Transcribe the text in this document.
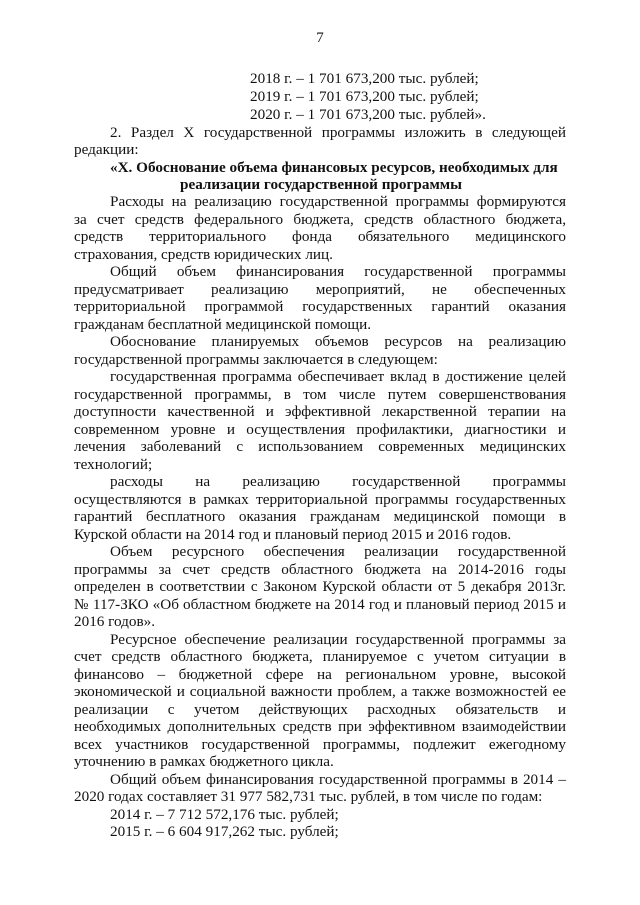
7
2018 г. – 1 701 673,200 тыс. рублей;
2019 г. – 1 701 673,200 тыс. рублей;
2020 г. – 1 701 673,200 тыс. рублей».
2. Раздел X государственной программы изложить в следующей
редакции:
«X. Обоснование объема финансовых ресурсов, необходимых для
реализации государственной программы
Расходы на реализацию государственной программы формируются
за счет средств федерального бюджета, средств областного бюджета,
средств территориального фонда обязательного медицинского
страхования, средств юридических лиц.
Общий объем финансирования государственной программы
предусматривает реализацию мероприятий, не обеспеченных
территориальной программой государственных гарантий оказания
гражданам бесплатной медицинской помощи.
Обоснование планируемых объемов ресурсов на реализацию
государственной программы заключается в следующем:
государственная программа обеспечивает вклад в достижение целей
государственной программы, в том числе путем совершенствования
доступности качественной и эффективной лекарственной терапии на
современном уровне и осуществления профилактики, диагностики и
лечения заболеваний с использованием современных медицинских
технологий;
расходы на реализацию государственной программы
осуществляются в рамках территориальной программы государственных
гарантий бесплатного оказания гражданам медицинской помощи в
Курской области на 2014 год и плановый период 2015 и 2016 годов.
Объем ресурсного обеспечения реализации государственной
программы за счет средств областного бюджета на 2014-2016 годы
определен в соответствии с Законом Курской области от 5 декабря 2013г.
№ 117-ЗКО «Об областном бюджете на 2014 год и плановый период 2015 и
2016 годов».
Ресурсное обеспечение реализации государственной программы за
счет средств областного бюджета, планируемое с учетом ситуации в
финансово – бюджетной сфере на региональном уровне, высокой
экономической и социальной важности проблем, а также возможностей ее
реализации с учетом действующих расходных обязательств и
необходимых дополнительных средств при эффективном взаимодействии
всех участников государственной программы, подлежит ежегодному
уточнению в рамках бюджетного цикла.
Общий объем финансирования государственной программы в 2014 –
2020 годах составляет 31 977 582,731 тыс. рублей, в том числе по годам:
2014 г. – 7 712 572,176 тыс. рублей;
2015 г. – 6 604 917,262 тыс. рублей;
